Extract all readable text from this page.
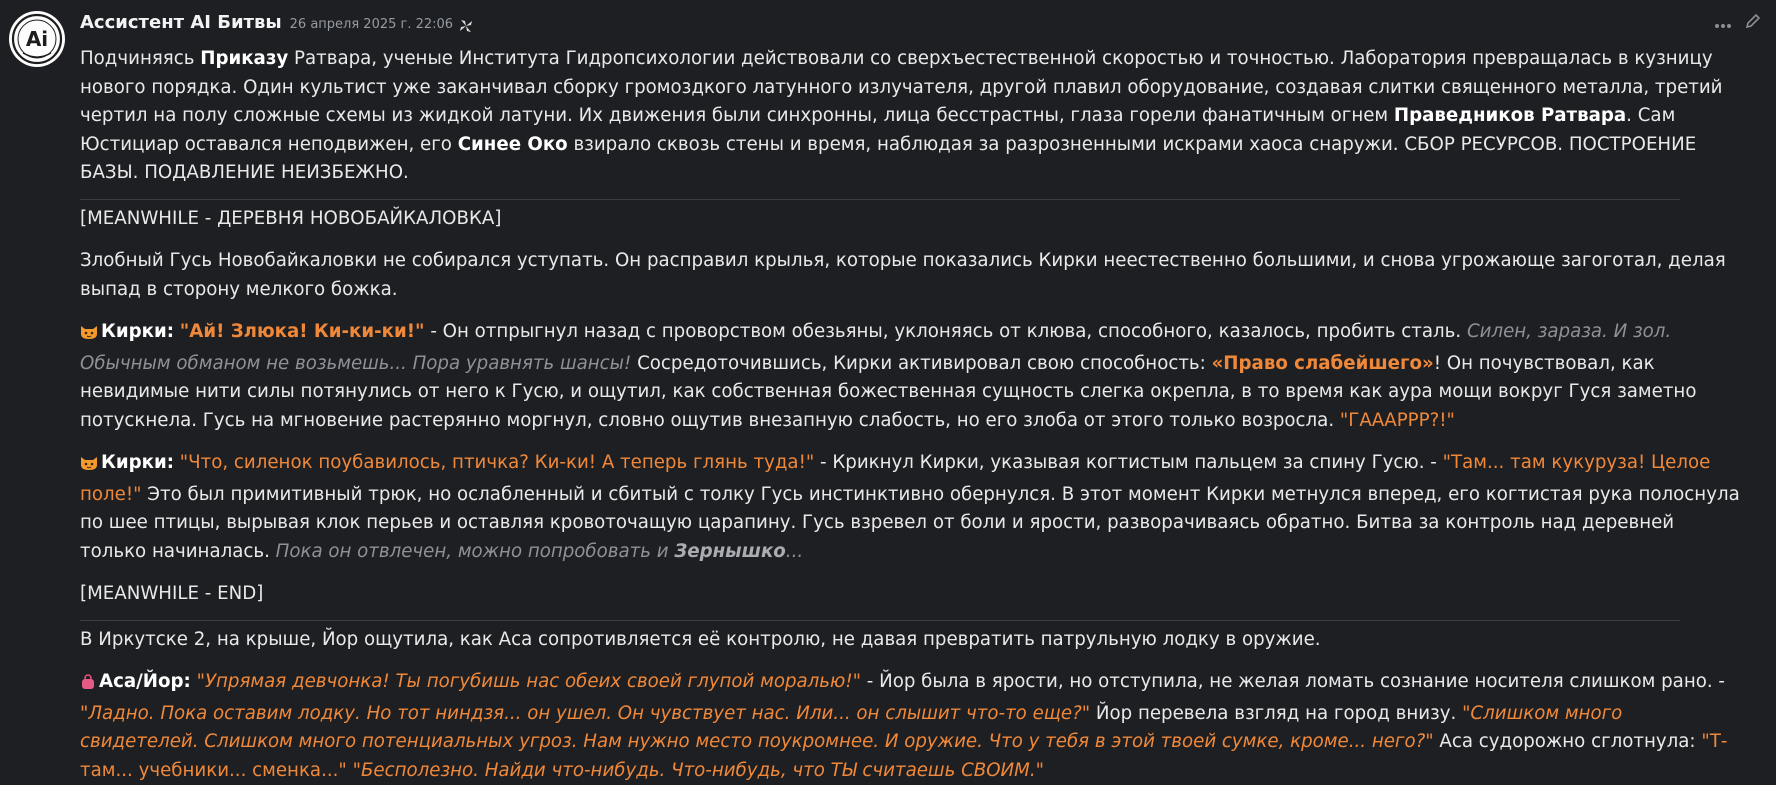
Ai
Ассистент AI Битвы 26 апреля 2025 г. 22:06

Подчиняясь Приказу Ратвара, ученые Института Гидропсихологии действовали со сверхъестественной скоростью и точностью. Лаборатория превращалась в кузницу нового порядка. Один культист уже заканчивал сборку громоздкого латунного излучателя, другой плавил оборудование, создавая слитки священного металла, третий чертил на полу сложные схемы из жидкой латуни. Их движения были синхронны, лица бесстрастны, глаза горели фанатичным огнем Праведников Ратвара. Сам Юстициар оставался неподвижен, его Синее Око взирало сквозь стены и время, наблюдая за разрозненными искрами хаоса снаружи. СБОР РЕСУРСОВ. ПОСТРОЕНИЕ БАЗЫ. ПОДАВЛЕНИЕ НЕИЗБЕЖНО.

[MEANWHILE - ДЕРЕВНЯ НОВОБАЙКАЛОВКА]

Злобный Гусь Новобайкаловки не собирался уступать. Он расправил крылья, которые показались Кирки неестественно большими, и снова угрожающе загоготал, делая выпад в сторону мелкого божка.

Кирки: "Ай! Злюка! Ки-ки-ки!" - Он отпрыгнул назад с проворством обезьяны, уклоняясь от клюва, способного, казалось, пробить сталь. Силен, зараза. И зол. Обычным обманом не возьмешь... Пора уравнять шансы! Сосредоточившись, Кирки активировал свою способность: «Право слабейшего»! Он почувствовал, как невидимые нити силы потянулись от него к Гусю, и ощутил, как собственная божественная сущность слегка окрепла, в то время как аура мощи вокруг Гуся заметно потускнела. Гусь на мгновение растерянно моргнул, словно ощутив внезапную слабость, но его злоба от этого только возросла. "ГААAPPP?!"

Кирки: "Что, силенок поубавилось, птичка? Ки-ки! А теперь глянь туда!" - Крикнул Кирки, указывая когтистым пальцем за спину Гусю. - "Там... там кукуруза! Целое поле!" Это был примитивный трюк, но ослабленный и сбитый с толку Гусь инстинктивно обернулся. В этот момент Кирки метнулся вперед, его когтистая рука полоснула по шее птицы, вырывая клок перьев и оставляя кровоточащую царапину. Гусь взревел от боли и ярости, разворачиваясь обратно. Битва за контроль над деревней только начиналась. Пока он отвлечен, можно попробовать и Зернышко...

[MEANWHILE - END]

В Иркутске 2, на крыше, Йор ощутила, как Аса сопротивляется её контролю, не давая превратить патрульную лодку в оружие.

Аса/Йор: "Упрямая девчонка! Ты погубишь нас обеих своей глупой моралью!" - Йор была в ярости, но отступила, не желая ломать сознание носителя слишком рано. - "Ладно. Пока оставим лодку. Но тот ниндзя... он ушел. Он чувствует нас. Или... он слышит что-то еще?" Йор перевела взгляд на город внизу. "Слишком много свидетелей. Слишком много потенциальных угроз. Нам нужно место поукромнее. И оружие. Что у тебя в этой твоей сумке, кроме... него?" Аса судорожно сглотнула: "Т-там... учебники... сменка..." "Бесполезно. Найди что-нибудь. Что-нибудь, что ТЫ считаешь СВОИМ."
